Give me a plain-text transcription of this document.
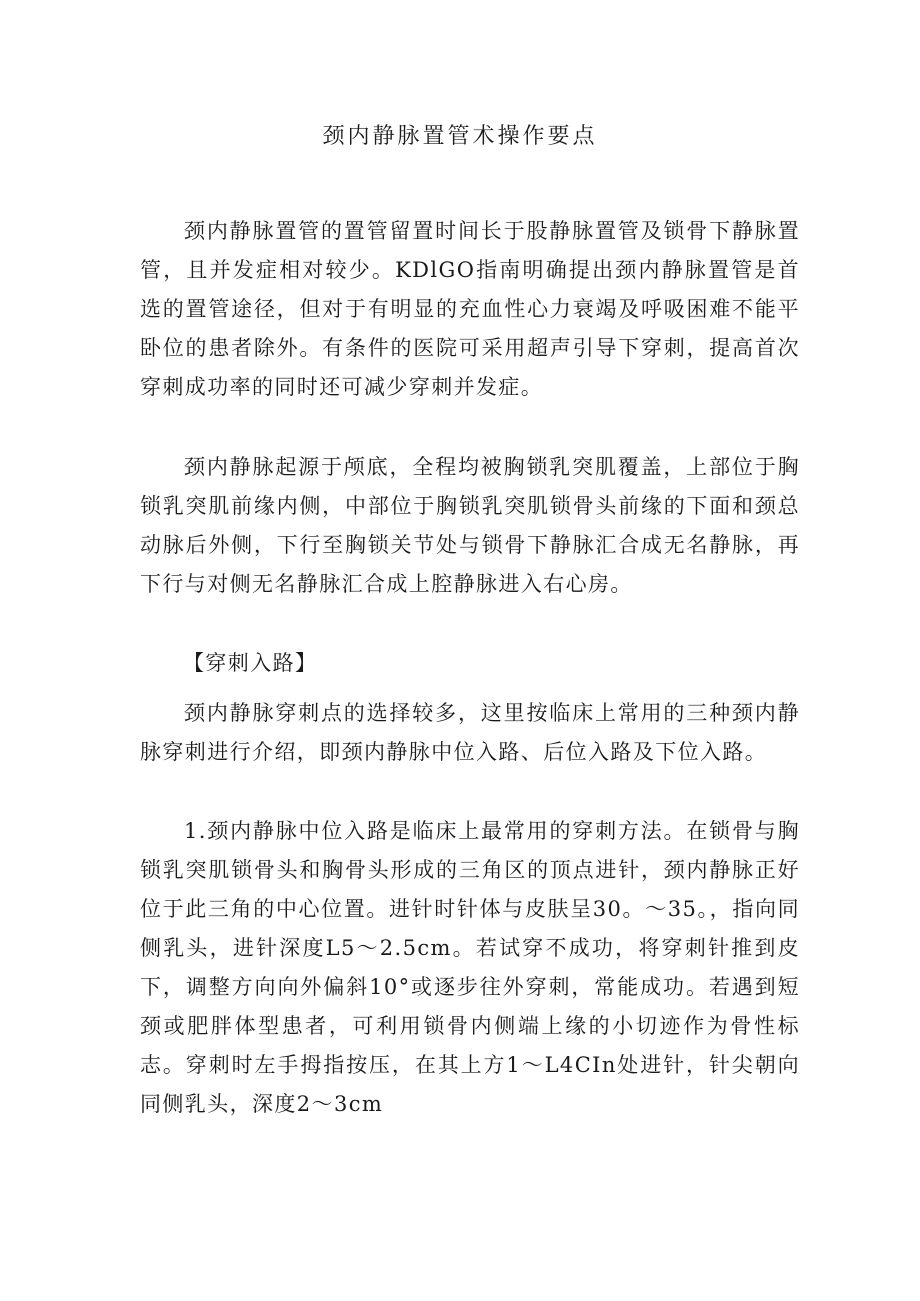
颈内静脉置管术操作要点

颈内静脉置管的置管留置时间长于股静脉置管及锁骨下静脉置管，且并发症相对较少。KDlGO指南明确提出颈内静脉置管是首选的置管途径，但对于有明显的充血性心力衰竭及呼吸困难不能平卧位的患者除外。有条件的医院可采用超声引导下穿刺，提高首次穿刺成功率的同时还可减少穿刺并发症。

颈内静脉起源于颅底，全程均被胸锁乳突肌覆盖，上部位于胸锁乳突肌前缘内侧，中部位于胸锁乳突肌锁骨头前缘的下面和颈总动脉后外侧，下行至胸锁关节处与锁骨下静脉汇合成无名静脉，再下行与对侧无名静脉汇合成上腔静脉进入右心房。

【穿刺入路】

颈内静脉穿刺点的选择较多，这里按临床上常用的三种颈内静脉穿刺进行介绍，即颈内静脉中位入路、后位入路及下位入路。

1.颈内静脉中位入路是临床上最常用的穿刺方法。在锁骨与胸锁乳突肌锁骨头和胸骨头形成的三角区的顶点进针，颈内静脉正好位于此三角的中心位置。进针时针体与皮肤呈30。～35。，指向同侧乳头，进针深度L5～2.5cm。若试穿不成功，将穿刺针推到皮下，调整方向向外偏斜10°或逐步往外穿刺，常能成功。若遇到短颈或肥胖体型患者，可利用锁骨内侧端上缘的小切迹作为骨性标志。穿刺时左手拇指按压，在其上方1～L4CIn处进针，针尖朝向同侧乳头，深度2～3cm
